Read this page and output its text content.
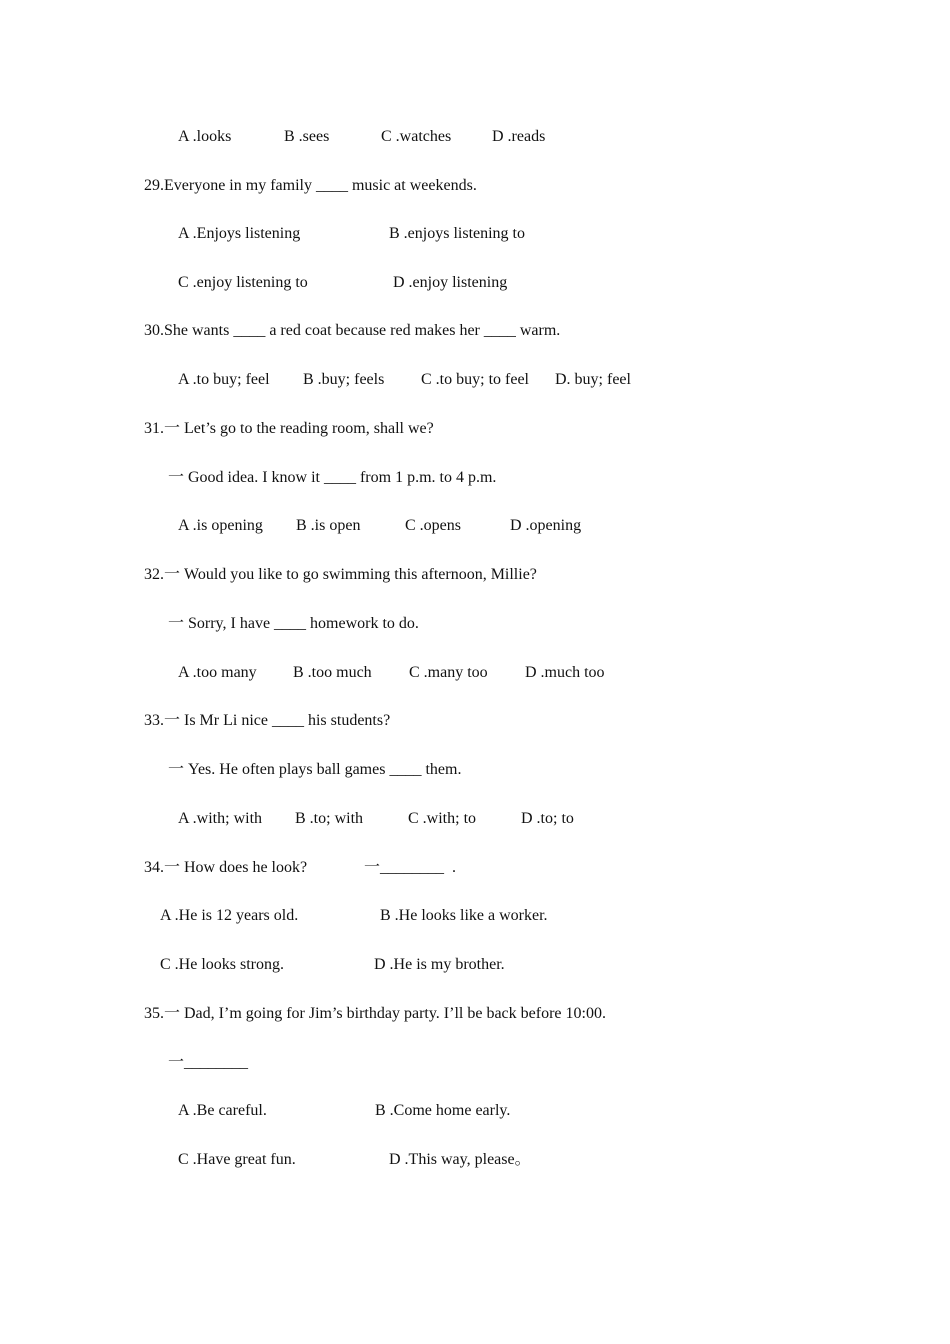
A .looks	B .sees	C .watches	D .reads
29.Everyone in my family ____ music at weekends.
A .Enjoys listening	B .enjoys listening to
C .enjoy listening to	D .enjoy listening
30.She wants ____ a red coat because red makes her ____ warm.
A .to buy; feel B .buy; feels C .to buy; to feel D. buy; feel
31.一 Let’s go to the reading room, shall we?
一 Good idea. I know it ____ from 1 p.m. to 4 p.m.
A .is opening B .is open	C .opens	D .opening
32.一 Would you like to go swimming this afternoon, Millie?
一 Sorry, I have ____ homework to do.
A .too many B .too much C .many too D .much too
33.一 Is Mr Li nice ____ his students?
一 Yes. He often plays ball games ____ them.
A .with; with B .to; with	C .with; to	D .to; to
34.一 How does he look?	一________  .
A .He is 12 years old.	B .He looks like a worker.
C .He looks strong.	D .He is my brother.
35.一 Dad, I’m going for Jim’s birthday party. I’ll be back before 10:00.
一________
A .Be careful.	B .Come home early.
C .Have great fun.	D .This way, please。
